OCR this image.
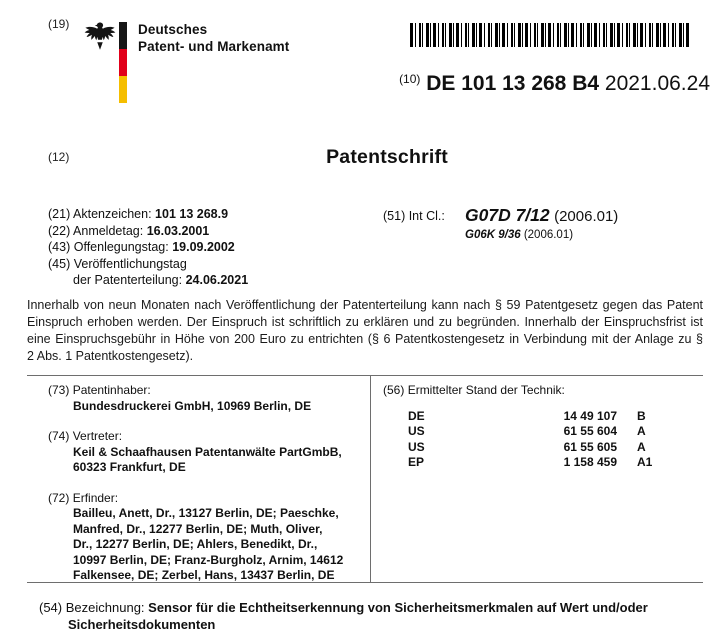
(19)	Deutsches
Patent- und Markenamt
$^{(10)}$ DE 101 13 268 B4 2021.06.24
(12)	Patentschrift
(21) Aktenzeichen: 101 13 268.9
(22) Anmeldetag: 16.03.2001
(43) Offenlegungstag: 19.09.2002
(45) Veröffentlichungstag
der Patenterteilung: 24.06.2021
(51) Int Cl.: G07D 7/12 (2006.01)
G06K 9/36 (2006.01)
Innerhalb von neun Monaten nach Veröffentlichung der Patenterteilung kann nach § 59 Patentgesetz gegen das Patent
Einspruch erhoben werden. Der Einspruch ist schriftlich zu erklären und zu begründen. Innerhalb der Einspruchsfrist ist
eine Einspruchsgebühr in Höhe von 200 Euro zu entrichten (§ 6 Patentkostengesetz in Verbindung mit der Anlage zu §
2 Abs. 1 Patentkostengesetz).
(73) Patentinhaber:
Bundesdruckerei GmbH, 10969 Berlin, DE
(74) Vertreter:
Keil & Schaafhausen Patentanwälte PartGmbB,
60323 Frankfurt, DE
(72) Erfinder:
Bailleu, Anett, Dr., 13127 Berlin, DE; Paeschke,
Manfred, Dr., 12277 Berlin, DE; Muth, Oliver,
Dr., 12277 Berlin, DE; Ahlers, Benedikt, Dr.,
10997 Berlin, DE; Franz-Burgholz, Arnim, 14612
Falkensee, DE; Zerbel, Hans, 13437 Berlin, DE
(56) Ermittelter Stand der Technik:
DE	14 49 107 B
US	61 55 604 A
US	61 55 605 A
EP	1 158 459 A1
(54) Bezeichnung: Sensor für die Echtheitserkennung von Sicherheitsmerkmalen auf Wert und/oder
Sicherheitsdokumenten
